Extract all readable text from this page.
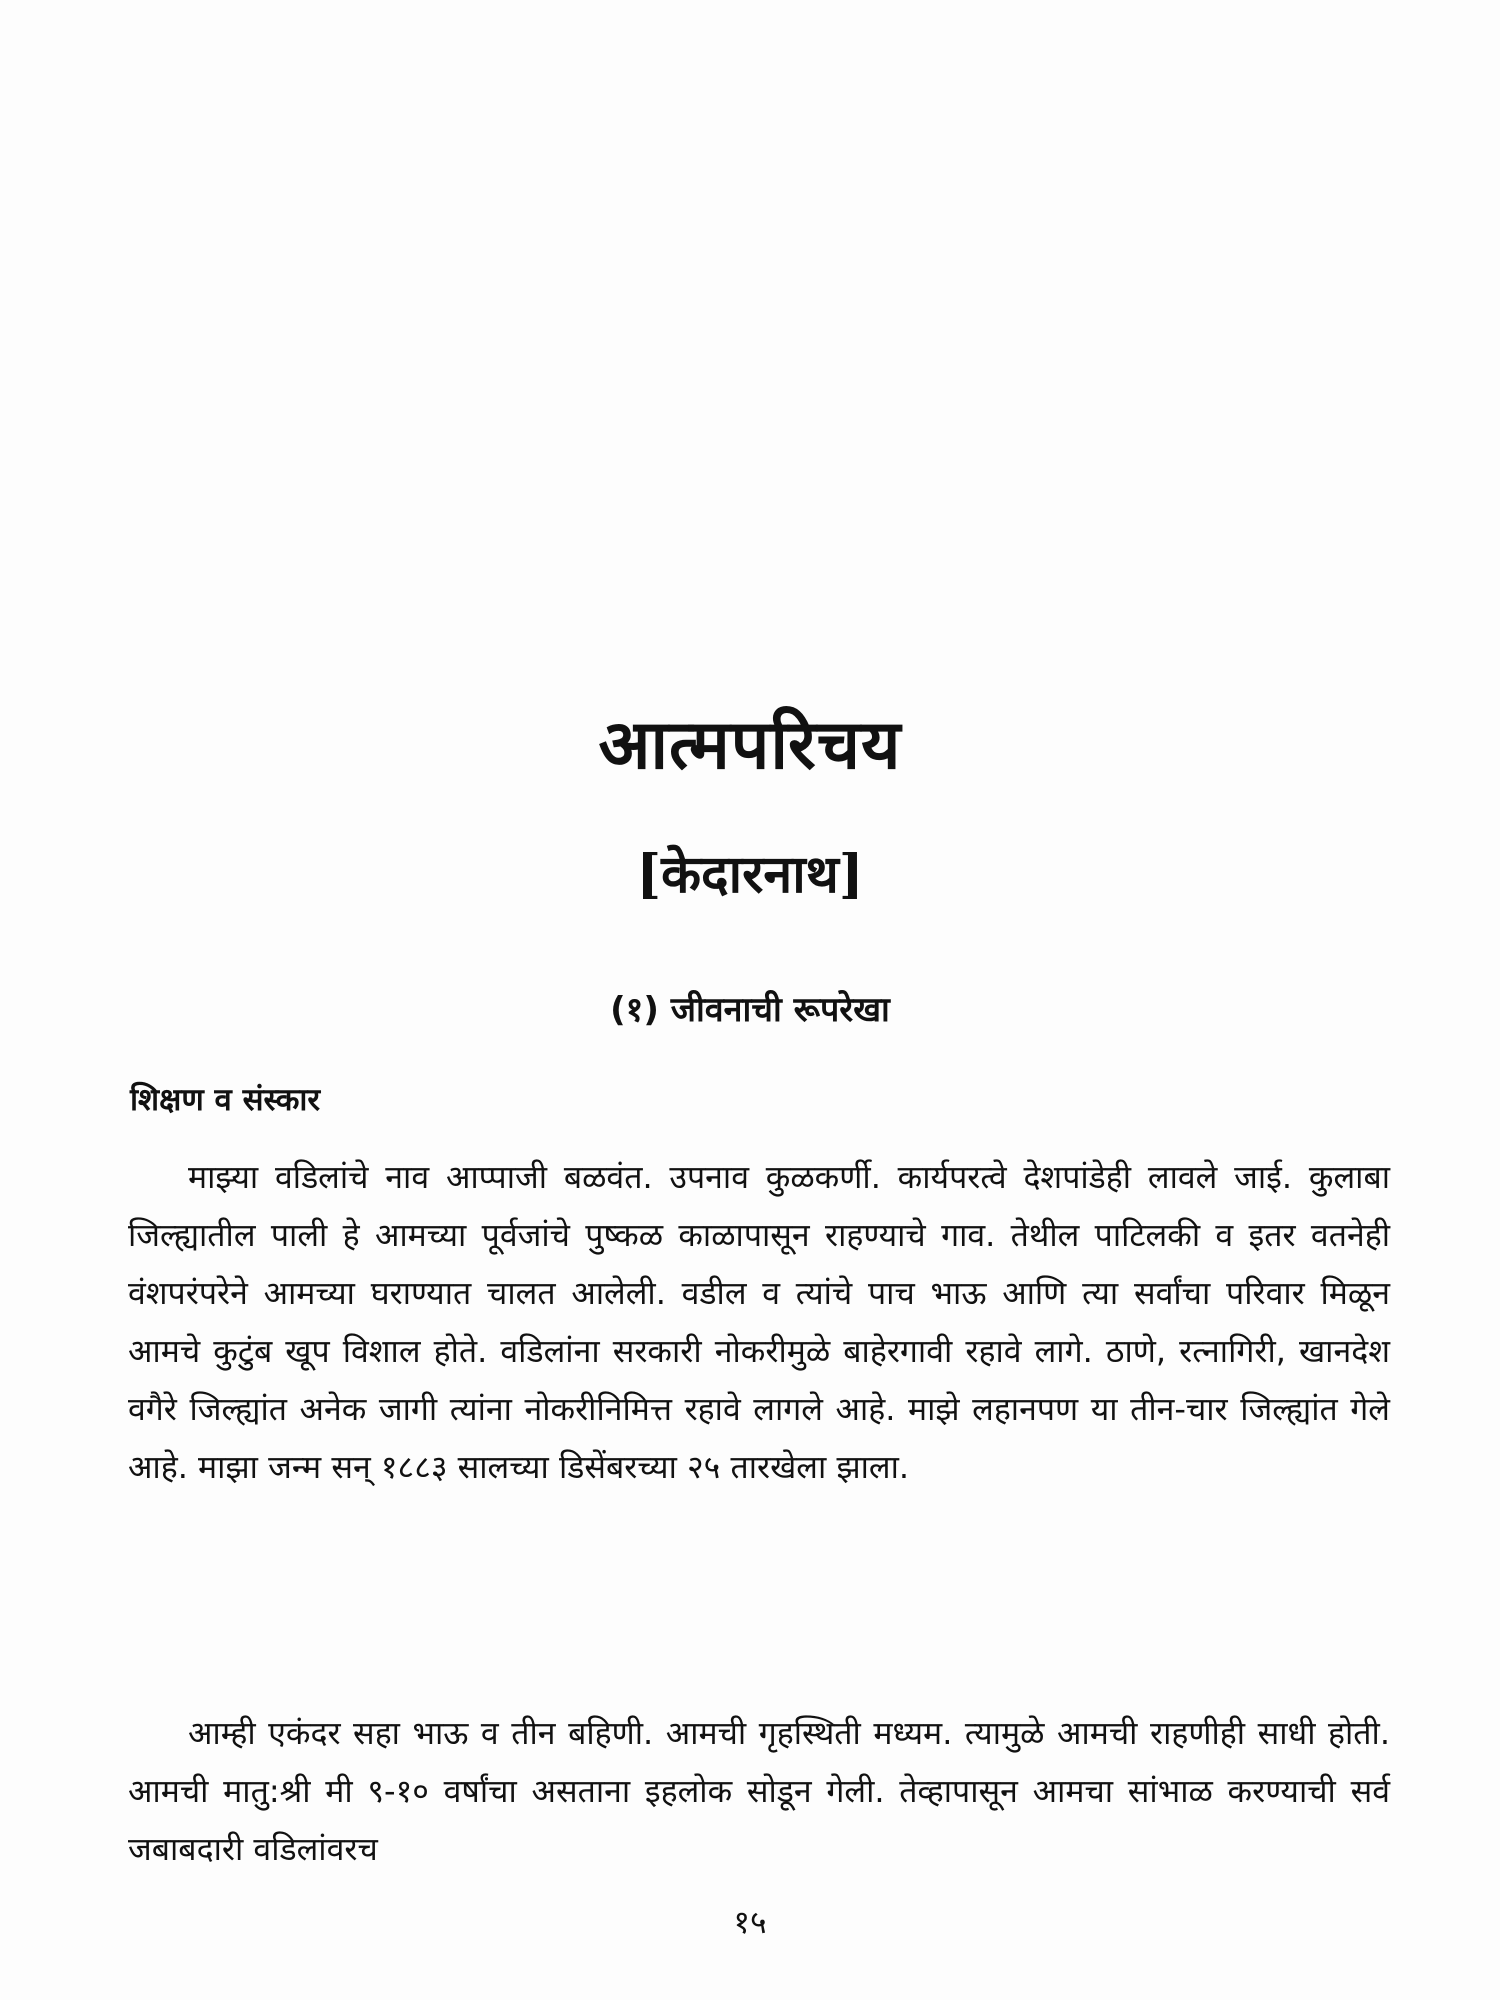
आत्मपरिचय
[केदारनाथ]
(१) जीवनाची रूपरेखा
शिक्षण व संस्कार

माझ्या वडिलांचे नाव आप्पाजी बळवंत. उपनाव कुळकर्णी. कार्यपरत्वे देशपांडेही लावले जाई. कुलाबा जिल्ह्यातील पाली हे आमच्या पूर्वजांचे पुष्कळ काळापासून राहण्याचे गाव. तेथील पाटिलकी व इतर वतनेही वंशपरंपरेने आमच्या घराण्यात चालत आलेली. वडील व त्यांचे पाच भाऊ आणि त्या सर्वांचा परिवार मिळून आमचे कुटुंब खूप विशाल होते. वडिलांना सरकारी नोकरीमुळे बाहेरगावी रहावे लागे. ठाणे, रत्नागिरी, खानदेश वगैरे जिल्ह्यांत अनेक जागी त्यांना नोकरीनिमित्त रहावे लागले आहे. माझे लहानपण या तीन-चार जिल्ह्यांत गेले आहे. माझा जन्म सन् १८८३ सालच्या डिसेंबरच्या २५ तारखेला झाला.

आम्ही एकंदर सहा भाऊ व तीन बहिणी. आमची गृहस्थिती मध्यम. त्यामुळे आमची राहणीही साधी होती. आमची मातु:श्री मी ९-१० वर्षांचा असताना इहलोक सोडून गेली. तेव्हापासून आमचा सांभाळ करण्याची सर्व जबाबदारी वडिलांवरच

१५
